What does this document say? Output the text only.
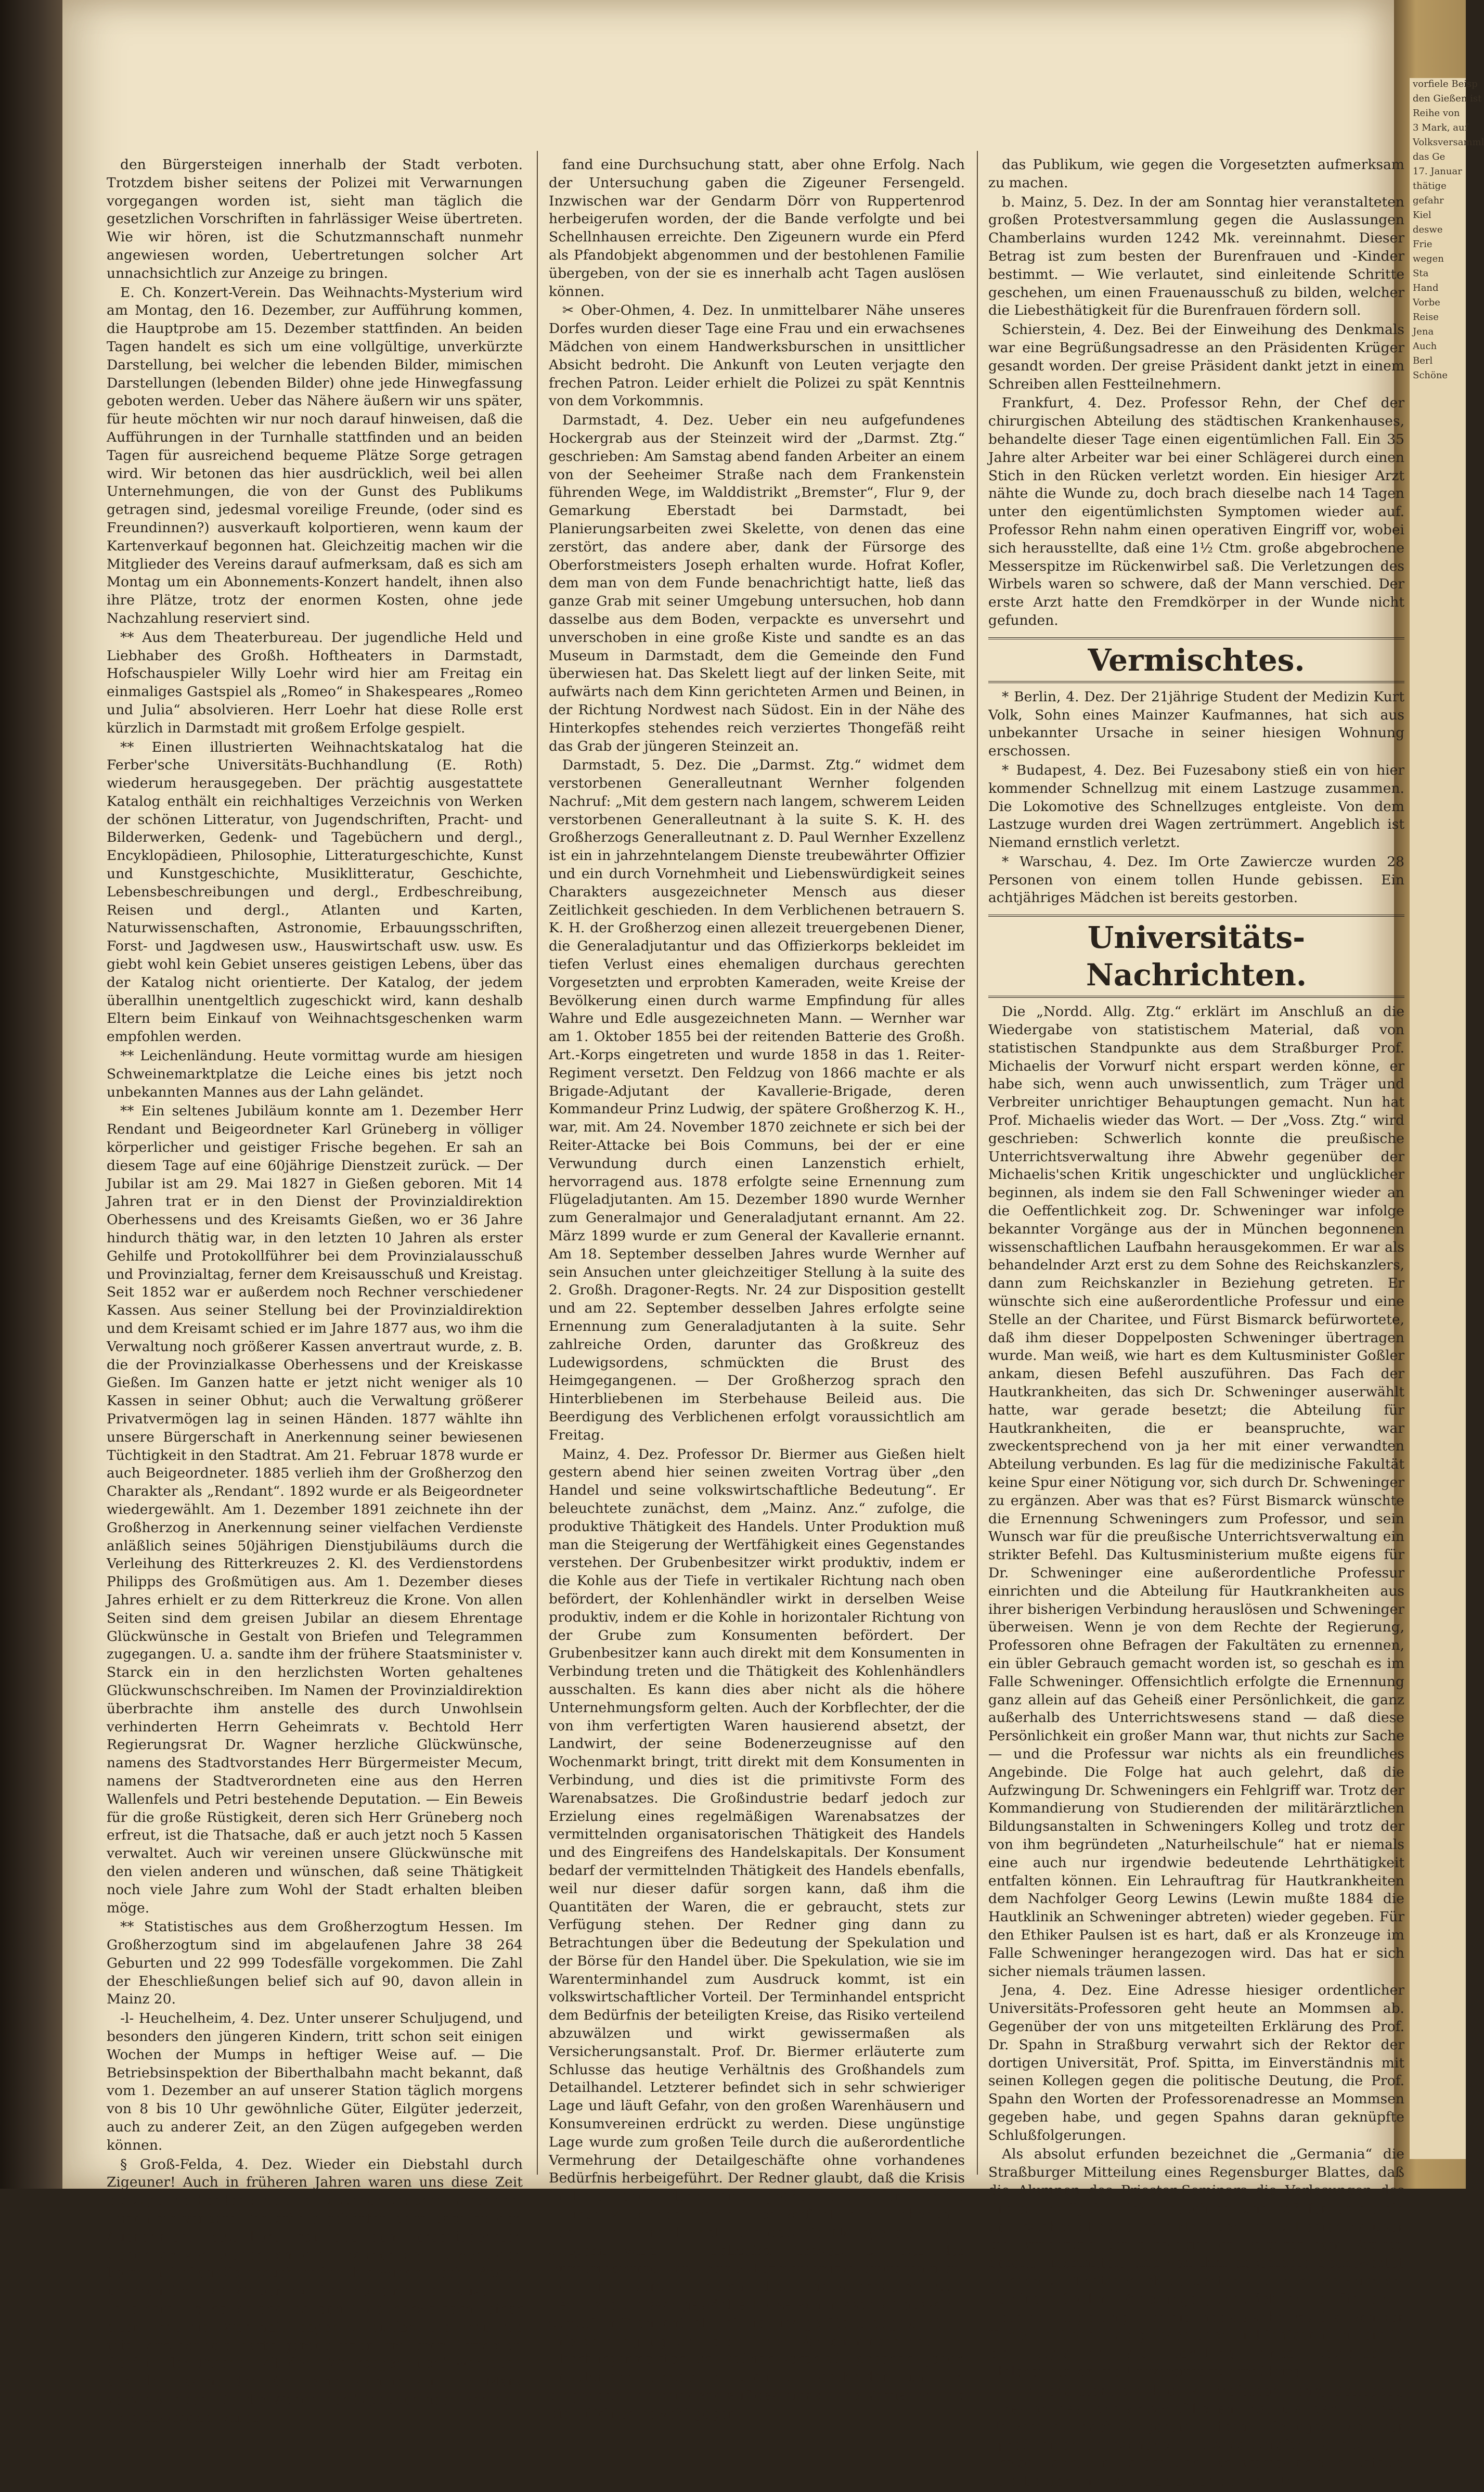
vorfiele Beisp

den Gießen ist

Reihe von

3 Mark, auf

Volksversamml

das Ge

17. Januar

thätige

gefahr

Kiel

deswe

Frie

wegen

Sta

Hand

Vorbe

Reise

Jena

Auch

Berl

Schöne

den Bürgersteigen innerhalb der Stadt verboten. Trotzdem bisher seitens der Polizei mit Verwarnungen vorgegangen worden ist, sieht man täglich die gesetzlichen Vorschriften in fahrlässiger Weise übertreten. Wie wir hören, ist die Schutzmannschaft nunmehr angewiesen worden, Uebertretungen solcher Art unnachsichtlich zur Anzeige zu bringen.

E. Ch. Konzert-Verein. Das Weihnachts-Mysterium wird am Montag, den 16. Dezember, zur Aufführung kommen, die Hauptprobe am 15. Dezember stattfinden. An beiden Tagen handelt es sich um eine vollgültige, unverkürzte Darstellung, bei welcher die lebenden Bilder, mimischen Darstellungen (lebenden Bilder) ohne jede Hinwegfassung geboten werden. Ueber das Nähere äußern wir uns später, für heute möchten wir nur noch darauf hinweisen, daß die Aufführungen in der Turnhalle stattfinden und an beiden Tagen für ausreichend bequeme Plätze Sorge getragen wird. Wir betonen das hier ausdrücklich, weil bei allen Unternehmungen, die von der Gunst des Publikums getragen sind, jedesmal voreilige Freunde, (oder sind es Freundinnen?) ausverkauft kolportieren, wenn kaum der Kartenverkauf begonnen hat. Gleichzeitig machen wir die Mitglieder des Vereins darauf aufmerksam, daß es sich am Montag um ein Abonnements-Konzert handelt, ihnen also ihre Plätze, trotz der enormen Kosten, ohne jede Nachzahlung reserviert sind.

** Aus dem Theaterbureau. Der jugendliche Held und Liebhaber des Großh. Hoftheaters in Darmstadt, Hofschauspieler Willy Loehr wird hier am Freitag ein einmaliges Gastspiel als „Romeo“ in Shakespeares „Romeo und Julia“ absolvieren. Herr Loehr hat diese Rolle erst kürzlich in Darmstadt mit großem Erfolge gespielt.

** Einen illustrierten Weihnachtskatalog hat die Ferber'sche Universitäts-Buchhandlung (E. Roth) wiederum herausgegeben. Der prächtig ausgestattete Katalog enthält ein reichhaltiges Verzeichnis von Werken der schönen Litteratur, von Jugendschriften, Pracht- und Bilderwerken, Gedenk- und Tagebüchern und dergl., Encyklopädieen, Philosophie, Litteraturgeschichte, Kunst und Kunstgeschichte, Musiklitteratur, Geschichte, Lebensbeschreibungen und dergl., Erdbeschreibung, Reisen und dergl., Atlanten und Karten, Naturwissenschaften, Astronomie, Erbauungsschriften, Forst- und Jagdwesen usw., Hauswirtschaft usw. usw. Es giebt wohl kein Gebiet unseres geistigen Lebens, über das der Katalog nicht orientierte. Der Katalog, der jedem überallhin unentgeltlich zugeschickt wird, kann deshalb Eltern beim Einkauf von Weihnachtsgeschenken warm empfohlen werden.

** Leichenländung. Heute vormittag wurde am hiesigen Schweinemarktplatze die Leiche eines bis jetzt noch unbekannten Mannes aus der Lahn geländet.

** Ein seltenes Jubiläum konnte am 1. Dezember Herr Rendant und Beigeordneter Karl Grüneberg in völliger körperlicher und geistiger Frische begehen. Er sah an diesem Tage auf eine 60jährige Dienstzeit zurück. — Der Jubilar ist am 29. Mai 1827 in Gießen geboren. Mit 14 Jahren trat er in den Dienst der Provinzialdirektion Oberhessens und des Kreisamts Gießen, wo er 36 Jahre hindurch thätig war, in den letzten 10 Jahren als erster Gehilfe und Protokollführer bei dem Provinzialausschuß und Provinzialtag, ferner dem Kreisausschuß und Kreistag. Seit 1852 war er außerdem noch Rechner verschiedener Kassen. Aus seiner Stellung bei der Provinzialdirektion und dem Kreisamt schied er im Jahre 1877 aus, wo ihm die Verwaltung noch größerer Kassen anvertraut wurde, z. B. die der Provinzialkasse Oberhessens und der Kreiskasse Gießen. Im Ganzen hatte er jetzt nicht weniger als 10 Kassen in seiner Obhut; auch die Verwaltung größerer Privatvermögen lag in seinen Händen. 1877 wählte ihn unsere Bürgerschaft in Anerkennung seiner bewiesenen Tüchtigkeit in den Stadtrat. Am 21. Februar 1878 wurde er auch Beigeordneter. 1885 verlieh ihm der Großherzog den Charakter als „Rendant“. 1892 wurde er als Beigeordneter wiedergewählt. Am 1. Dezember 1891 zeichnete ihn der Großherzog in Anerkennung seiner vielfachen Verdienste anläßlich seines 50jährigen Dienstjubiläums durch die Verleihung des Ritterkreuzes 2. Kl. des Verdienstordens Philipps des Großmütigen aus. Am 1. Dezember dieses Jahres erhielt er zu dem Ritterkreuz die Krone. Von allen Seiten sind dem greisen Jubilar an diesem Ehrentage Glückwünsche in Gestalt von Briefen und Telegrammen zugegangen. U. a. sandte ihm der frühere Staatsminister v. Starck ein in den herzlichsten Worten gehaltenes Glückwunschschreiben. Im Namen der Provinzialdirektion überbrachte ihm anstelle des durch Unwohlsein verhinderten Herrn Geheimrats v. Bechtold Herr Regierungsrat Dr. Wagner herzliche Glückwünsche, namens des Stadtvorstandes Herr Bürgermeister Mecum, namens der Stadtverordneten eine aus den Herren Wallenfels und Petri bestehende Deputation. — Ein Beweis für die große Rüstigkeit, deren sich Herr Grüneberg noch erfreut, ist die Thatsache, daß er auch jetzt noch 5 Kassen verwaltet. Auch wir vereinen unsere Glückwünsche mit den vielen anderen und wünschen, daß seine Thätigkeit noch viele Jahre zum Wohl der Stadt erhalten bleiben möge.

** Statistisches aus dem Großherzogtum Hessen. Im Großherzogtum sind im abgelaufenen Jahre 38 264 Geburten und 22 999 Todesfälle vorgekommen. Die Zahl der Eheschließungen belief sich auf 90, davon allein in Mainz 20.

-l- Heuchelheim, 4. Dez. Unter unserer Schuljugend, und besonders den jüngeren Kindern, tritt schon seit einigen Wochen der Mumps in heftiger Weise auf. — Die Betriebsinspektion der Biberthalbahn macht bekannt, daß vom 1. Dezember an auf unserer Station täglich morgens von 8 bis 10 Uhr gewöhnliche Güter, Eilgüter jederzeit, auch zu anderer Zeit, an den Zügen aufgegeben werden können.

§ Groß-Felda, 4. Dez. Wieder ein Diebstahl durch Zigeuner! Auch in früheren Jahren waren uns diese Zeit die Zigeunerhorden ständige Besucher unserer Gegenden. Durch sie verübte Diebstähle gehörten aber doch zu den Ausnahmen. Jetzt hört man aus den verschiedensten Gegenden von Diebereien, die Zigeuner sich zu Schulden kommen ließen. So besuchten letzthin wieder sechs Wagen unseren Ort. Die Weiber klopften bettelnd die Häuser ab. In einem Hause gelang es den Zigeunerweibern, einer alten Frau die „Wahrheit“ sagen zu dürfen. Die Frau, die mit Ganz handelt, hatte gerade einen größeren Betrag an Geld in der Tasche. Mit den „Wahrsagerinnen“ war auch aus der Tasche der Frau eine Summe von 118 Mark verschwunden. Da die Wagen der Zigeuner noch vor dem Orte anwesend waren,

fand eine Durchsuchung statt, aber ohne Erfolg. Nach der Untersuchung gaben die Zigeuner Fersengeld. Inzwischen war der Gendarm Dörr von Ruppertenrod herbeigerufen worden, der die Bande verfolgte und bei Schellnhausen erreichte. Den Zigeunern wurde ein Pferd als Pfandobjekt abgenommen und der bestohlenen Familie übergeben, von der sie es innerhalb acht Tagen auslösen können.

✂ Ober-Ohmen, 4. Dez. In unmittelbarer Nähe unseres Dorfes wurden dieser Tage eine Frau und ein erwachsenes Mädchen von einem Handwerksburschen in unsittlicher Absicht bedroht. Die Ankunft von Leuten verjagte den frechen Patron. Leider erhielt die Polizei zu spät Kenntnis von dem Vorkommnis.

Darmstadt, 4. Dez. Ueber ein neu aufgefundenes Hockergrab aus der Steinzeit wird der „Darmst. Ztg.“ geschrieben: Am Samstag abend fanden Arbeiter an einem von der Seeheimer Straße nach dem Frankenstein führenden Wege, im Walddistrikt „Bremster“, Flur 9, der Gemarkung Eberstadt bei Darmstadt, bei Planierungsarbeiten zwei Skelette, von denen das eine zerstört, das andere aber, dank der Fürsorge des Oberforstmeisters Joseph erhalten wurde. Hofrat Kofler, dem man von dem Funde benachrichtigt hatte, ließ das ganze Grab mit seiner Umgebung untersuchen, hob dann dasselbe aus dem Boden, verpackte es unversehrt und unverschoben in eine große Kiste und sandte es an das Museum in Darmstadt, dem die Gemeinde den Fund überwiesen hat. Das Skelett liegt auf der linken Seite, mit aufwärts nach dem Kinn gerichteten Armen und Beinen, in der Richtung Nordwest nach Südost. Ein in der Nähe des Hinterkopfes stehendes reich verziertes Thongefäß reiht das Grab der jüngeren Steinzeit an.

Darmstadt, 5. Dez. Die „Darmst. Ztg.“ widmet dem verstorbenen Generalleutnant Wernher folgenden Nachruf: „Mit dem gestern nach langem, schwerem Leiden verstorbenen Generalleutnant à la suite S. K. H. des Großherzogs Generalleutnant z. D. Paul Wernher Exzellenz ist ein in jahrzehntelangem Dienste treubewährter Offizier und ein durch Vornehmheit und Liebenswürdigkeit seines Charakters ausgezeichneter Mensch aus dieser Zeitlichkeit geschieden. In dem Verblichenen betrauern S. K. H. der Großherzog einen allezeit treuergebenen Diener, die Generaladjutantur und das Offizierkorps bekleidet im tiefen Verlust eines ehemaligen durchaus gerechten Vorgesetzten und erprobten Kameraden, weite Kreise der Bevölkerung einen durch warme Empfindung für alles Wahre und Edle ausgezeichneten Mann. — Wernher war am 1. Oktober 1855 bei der reitenden Batterie des Großh. Art.-Korps eingetreten und wurde 1858 in das 1. Reiter-Regiment versetzt. Den Feldzug von 1866 machte er als Brigade-Adjutant der Kavallerie-Brigade, deren Kommandeur Prinz Ludwig, der spätere Großherzog K. H., war, mit. Am 24. November 1870 zeichnete er sich bei der Reiter-Attacke bei Bois Communs, bei der er eine Verwundung durch einen Lanzenstich erhielt, hervorragend aus. 1878 erfolgte seine Ernennung zum Flügeladjutanten. Am 15. Dezember 1890 wurde Wernher zum Generalmajor und Generaladjutant ernannt. Am 22. März 1899 wurde er zum General der Kavallerie ernannt. Am 18. September desselben Jahres wurde Wernher auf sein Ansuchen unter gleichzeitiger Stellung à la suite des 2. Großh. Dragoner-Regts. Nr. 24 zur Disposition gestellt und am 22. September desselben Jahres erfolgte seine Ernennung zum Generaladjutanten à la suite. Sehr zahlreiche Orden, darunter das Großkreuz des Ludewigsordens, schmückten die Brust des Heimgegangenen. — Der Großherzog sprach den Hinterbliebenen im Sterbehause Beileid aus. Die Beerdigung des Verblichenen erfolgt voraussichtlich am Freitag.

Mainz, 4. Dez. Professor Dr. Biermer aus Gießen hielt gestern abend hier seinen zweiten Vortrag über „den Handel und seine volkswirtschaftliche Bedeutung“. Er beleuchtete zunächst, dem „Mainz. Anz.“ zufolge, die produktive Thätigkeit des Handels. Unter Produktion muß man die Steigerung der Wertfähigkeit eines Gegenstandes verstehen. Der Grubenbesitzer wirkt produktiv, indem er die Kohle aus der Tiefe in vertikaler Richtung nach oben befördert, der Kohlenhändler wirkt in derselben Weise produktiv, indem er die Kohle in horizontaler Richtung von der Grube zum Konsumenten befördert. Der Grubenbesitzer kann auch direkt mit dem Konsumenten in Verbindung treten und die Thätigkeit des Kohlenhändlers ausschalten. Es kann dies aber nicht als die höhere Unternehmungsform gelten. Auch der Korbflechter, der die von ihm verfertigten Waren hausierend absetzt, der Landwirt, der seine Bodenerzeugnisse auf den Wochenmarkt bringt, tritt direkt mit dem Konsumenten in Verbindung, und dies ist die primitivste Form des Warenabsatzes. Die Großindustrie bedarf jedoch zur Erzielung eines regelmäßigen Warenabsatzes der vermittelnden organisatorischen Thätigkeit des Handels und des Eingreifens des Handelskapitals. Der Konsument bedarf der vermittelnden Thätigkeit des Handels ebenfalls, weil nur dieser dafür sorgen kann, daß ihm die Quantitäten der Waren, die er gebraucht, stets zur Verfügung stehen. Der Redner ging dann zu Betrachtungen über die Bedeutung der Spekulation und der Börse für den Handel über. Die Spekulation, wie sie im Warenterminhandel zum Ausdruck kommt, ist ein volkswirtschaftlicher Vorteil. Der Terminhandel entspricht dem Bedürfnis der beteiligten Kreise, das Risiko verteilend abzuwälzen und wirkt gewissermaßen als Versicherungsanstalt. Prof. Dr. Biermer erläuterte zum Schlusse das heutige Verhältnis des Großhandels zum Detailhandel. Letzterer befindet sich in sehr schwieriger Lage und läuft Gefahr, von den großen Warenhäusern und Konsumvereinen erdrückt zu werden. Diese ungünstige Lage wurde zum großen Teile durch die außerordentliche Vermehrung der Detailgeschäfte ohne vorhandenes Bedürfnis herbeigeführt. Der Redner glaubt, daß die Krisis im Detailhandel, der zu einem großen Teile weder über die nötigen Mittel noch Fähigkeiten verfügt, ihren Höhepunkt noch nicht erreicht hat, und daß die Notlage sich noch steigern wird. — Polizeirat Travers ist bei der Bürgermeisterei um seine Pensionierung eingekommen. Der erst kürzlich durch die Stadtverordneten zum Bezirkskommissar gewählte Polizeikommissar v. Toussaint, zurzeit in Frankenthal, hat die hiesige Stelle abgelehnt. — Infolge der jüngsten polizeilichen Vorkommnisse hat sich Oberbürgermeister Dr. Gaßner veranlaßt gesehen, jeden Schutzmann einzeln zu sich zu bescheiden, um ihn eingehend und dringend auf das dienstliche Verhalten und die Pflichten sowohl gegen

das Publikum, wie gegen die Vorgesetzten aufmerksam zu machen.

b. Mainz, 5. Dez. In der am Sonntag hier veranstalteten großen Protestversammlung gegen die Auslassungen Chamberlains wurden 1242 Mk. vereinnahmt. Dieser Betrag ist zum besten der Burenfrauen und -Kinder bestimmt. — Wie verlautet, sind einleitende Schritte geschehen, um einen Frauenausschuß zu bilden, welcher die Liebesthätigkeit für die Burenfrauen fördern soll.

Schierstein, 4. Dez. Bei der Einweihung des Denkmals war eine Begrüßungsadresse an den Präsidenten Krüger gesandt worden. Der greise Präsident dankt jetzt in einem Schreiben allen Festteilnehmern.

Frankfurt, 4. Dez. Professor Rehn, der Chef der chirurgischen Abteilung des städtischen Krankenhauses, behandelte dieser Tage einen eigentümlichen Fall. Ein 35 Jahre alter Arbeiter war bei einer Schlägerei durch einen Stich in den Rücken verletzt worden. Ein hiesiger Arzt nähte die Wunde zu, doch brach dieselbe nach 14 Tagen unter den eigentümlichsten Symptomen wieder auf. Professor Rehn nahm einen operativen Eingriff vor, wobei sich herausstellte, daß eine 1½ Ctm. große abgebrochene Messerspitze im Rückenwirbel saß. Die Verletzungen des Wirbels waren so schwere, daß der Mann verschied. Der erste Arzt hatte den Fremdkörper in der Wunde nicht gefunden.

Vermischtes.

* Berlin, 4. Dez. Der 21jährige Student der Medizin Kurt Volk, Sohn eines Mainzer Kaufmannes, hat sich aus unbekannter Ursache in seiner hiesigen Wohnung erschossen.

* Budapest, 4. Dez. Bei Fuzesabony stieß ein von hier kommender Schnellzug mit einem Lastzuge zusammen. Die Lokomotive des Schnellzuges entgleiste. Von dem Lastzuge wurden drei Wagen zertrümmert. Angeblich ist Niemand ernstlich verletzt.

* Warschau, 4. Dez. Im Orte Zawiercze wurden 28 Personen von einem tollen Hunde gebissen. Ein achtjähriges Mädchen ist bereits gestorben.

Universitäts-Nachrichten.

Die „Nordd. Allg. Ztg.“ erklärt im Anschluß an die Wiedergabe von statistischem Material, daß von statistischen Standpunkte aus dem Straßburger Prof. Michaelis der Vorwurf nicht erspart werden könne, er habe sich, wenn auch unwissentlich, zum Träger und Verbreiter unrichtiger Behauptungen gemacht. Nun hat Prof. Michaelis wieder das Wort. — Der „Voss. Ztg.“ wird geschrieben: Schwerlich konnte die preußische Unterrichtsverwaltung ihre Abwehr gegenüber der Michaelis'schen Kritik ungeschickter und unglücklicher beginnen, als indem sie den Fall Schweninger wieder an die Oeffentlichkeit zog. Dr. Schweninger war infolge bekannter Vorgänge aus der in München begonnenen wissenschaftlichen Laufbahn herausgekommen. Er war als behandelnder Arzt erst zu dem Sohne des Reichskanzlers, dann zum Reichskanzler in Beziehung getreten. Er wünschte sich eine außerordentliche Professur und eine Stelle an der Charitee, und Fürst Bismarck befürwortete, daß ihm dieser Doppelposten Schweninger übertragen wurde. Man weiß, wie hart es dem Kultusminister Goßler ankam, diesen Befehl auszuführen. Das Fach der Hautkrankheiten, das sich Dr. Schweninger auserwählt hatte, war gerade besetzt; die Abteilung für Hautkrankheiten, die er beanspruchte, war zweckentsprechend von ja her mit einer verwandten Abteilung verbunden. Es lag für die medizinische Fakultät keine Spur einer Nötigung vor, sich durch Dr. Schweninger zu ergänzen. Aber was that es? Fürst Bismarck wünschte die Ernennung Schweningers zum Professor, und sein Wunsch war für die preußische Unterrichtsverwaltung ein strikter Befehl. Das Kultusministerium mußte eigens für Dr. Schweninger eine außerordentliche Professur einrichten und die Abteilung für Hautkrankheiten aus ihrer bisherigen Verbindung herauslösen und Schweninger überweisen. Wenn je von dem Rechte der Regierung, Professoren ohne Befragen der Fakultäten zu ernennen, ein übler Gebrauch gemacht worden ist, so geschah es im Falle Schweninger. Offensichtlich erfolgte die Ernennung ganz allein auf das Geheiß einer Persönlichkeit, die ganz außerhalb des Unterrichtswesens stand — daß diese Persönlichkeit ein großer Mann war, thut nichts zur Sache — und die Professur war nichts als ein freundliches Angebinde. Die Folge hat auch gelehrt, daß die Aufzwingung Dr. Schweningers ein Fehlgriff war. Trotz der Kommandierung von Studierenden der militärärztlichen Bildungsanstalten in Schweningers Kolleg und trotz der von ihm begründeten „Naturheilschule“ hat er niemals eine auch nur irgendwie bedeutende Lehrthätigkeit entfalten können. Ein Lehrauftrag für Hautkrankheiten dem Nachfolger Georg Lewins (Lewin mußte 1884 die Hautklinik an Schweninger abtreten) wieder gegeben. Für den Ethiker Paulsen ist es hart, daß er als Kronzeuge im Falle Schweninger herangezogen wird. Das hat er sich sicher niemals träumen lassen.

Jena, 4. Dez. Eine Adresse hiesiger ordentlicher Universitäts-Professoren geht heute an Mommsen ab. Gegenüber der von uns mitgeteilten Erklärung des Prof. Dr. Spahn in Straßburg verwahrt sich der Rektor der dortigen Universität, Prof. Spitta, im Einverständnis mit seinen Kollegen gegen die politische Deutung, die Prof. Spahn den Worten der Professorenadresse an Mommsen gegeben habe, und gegen Spahns daran geknüpfte Schlußfolgerungen.

Als absolut erfunden bezeichnet die „Germania“ die Straßburger Mitteilung eines Regensburger Blattes, daß die Alumnen des Priester-Seminars die Vorlesungen des Professors Spahn nicht besuchten, und daß ferner die als bevorstehend bezeichnete Note der preuß. Regierung über die Errichtung der theologischen Fakultät dem Vatikan bereits übermittelt und von ihm abschlägig beantwortet worden ist. Thatsächlich besuchten Alumnen des Priester-Seminars Spahns Vorlesungen, thatsächlich sei die letzte Note der Regierung über die theologische Fakultät von der Kurie nicht abschlägig beschieden und thatsächlich bereite die Regierung die Berufung eines katholischen Philosophen an die Universität zu Straßburg.

— In Jena starb am 4. d. M. Professor Henry Settegast, Direktor des landwirtschaftlichen Instituts der dortigen Universität, nach längerem Leiden. (Settegast war der Sproß einer angesehenen Gutsbesitzersfamilie aus dem Kreise Ragnit in Ostpreußen. Er promovierte in Leipzig zum Doktor und habilitierte sich bei der Univ.
